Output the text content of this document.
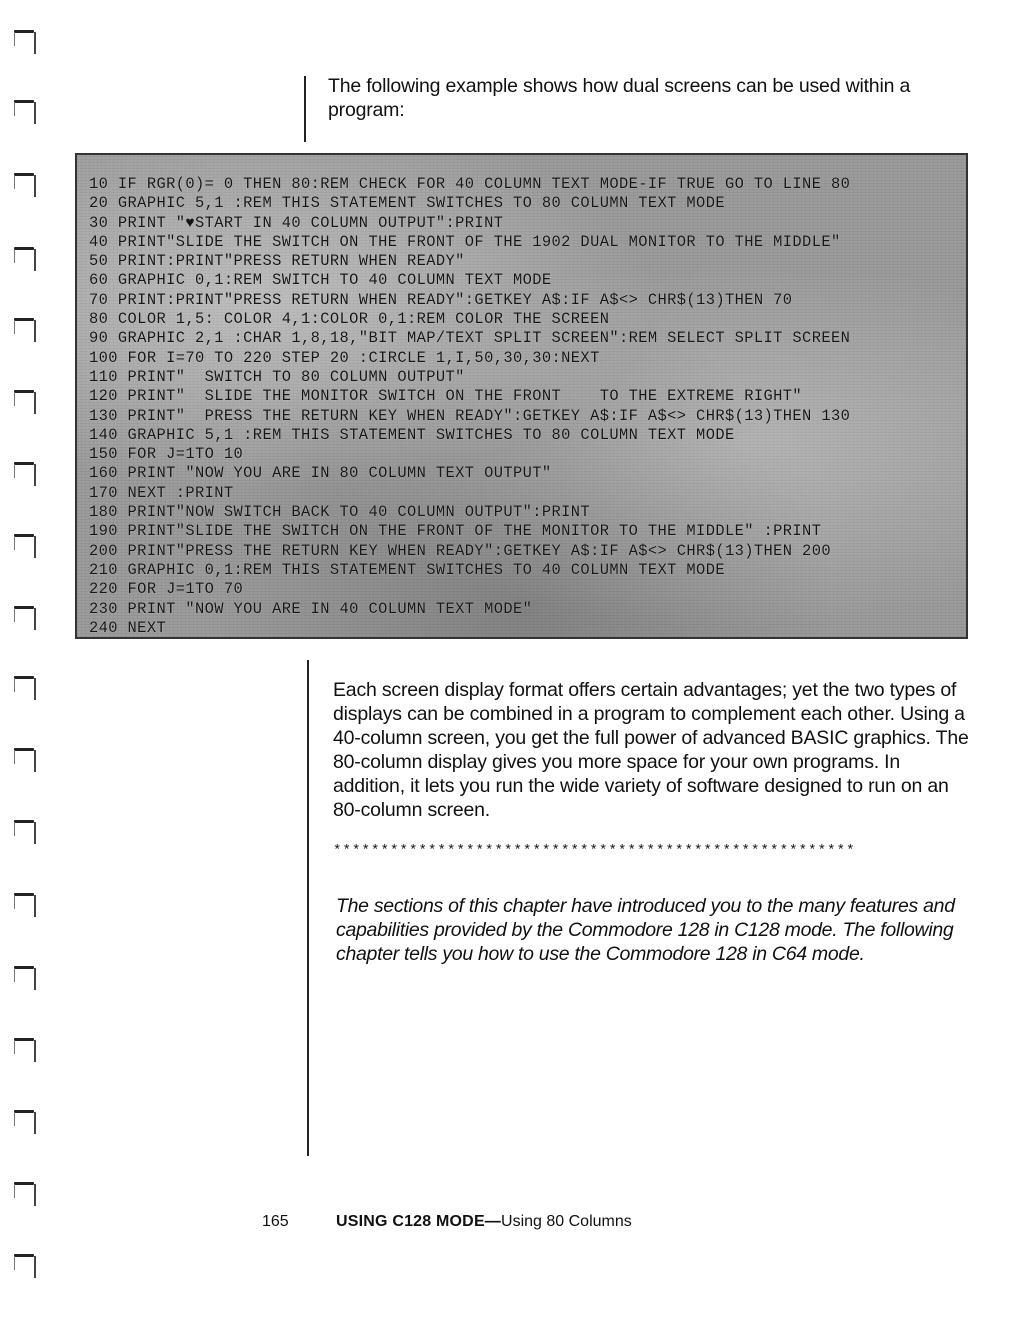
The following example shows how dual screens can be used within a program:

10 IF RGR(0)= 0 THEN 80:REM CHECK FOR 40 COLUMN TEXT MODE-IF TRUE GO TO LINE 80
20 GRAPHIC 5,1 :REM THIS STATEMENT SWITCHES TO 80 COLUMN TEXT MODE
30 PRINT "♥START IN 40 COLUMN OUTPUT":PRINT
40 PRINT"SLIDE THE SWITCH ON THE FRONT OF THE 1902 DUAL MONITOR TO THE MIDDLE"
50 PRINT:PRINT"PRESS RETURN WHEN READY"
60 GRAPHIC 0,1:REM SWITCH TO 40 COLUMN TEXT MODE
70 PRINT:PRINT"PRESS RETURN WHEN READY":GETKEY A$:IF A$<> CHR$(13)THEN 70
80 COLOR 1,5: COLOR 4,1:COLOR 0,1:REM COLOR THE SCREEN
90 GRAPHIC 2,1 :CHAR 1,8,18,"BIT MAP/TEXT SPLIT SCREEN":REM SELECT SPLIT SCREEN
100 FOR I=70 TO 220 STEP 20 :CIRCLE 1,I,50,30,30:NEXT
110 PRINT"  SWITCH TO 80 COLUMN OUTPUT"
120 PRINT"  SLIDE THE MONITOR SWITCH ON THE FRONT    TO THE EXTREME RIGHT"
130 PRINT"  PRESS THE RETURN KEY WHEN READY":GETKEY A$:IF A$<> CHR$(13)THEN 130
140 GRAPHIC 5,1 :REM THIS STATEMENT SWITCHES TO 80 COLUMN TEXT MODE
150 FOR J=1TO 10
160 PRINT "NOW YOU ARE IN 80 COLUMN TEXT OUTPUT"
170 NEXT :PRINT
180 PRINT"NOW SWITCH BACK TO 40 COLUMN OUTPUT":PRINT
190 PRINT"SLIDE THE SWITCH ON THE FRONT OF THE MONITOR TO THE MIDDLE" :PRINT
200 PRINT"PRESS THE RETURN KEY WHEN READY":GETKEY A$:IF A$<> CHR$(13)THEN 200
210 GRAPHIC 0,1:REM THIS STATEMENT SWITCHES TO 40 COLUMN TEXT MODE
220 FOR J=1TO 70
230 PRINT "NOW YOU ARE IN 40 COLUMN TEXT MODE"
240 NEXT

Each screen display format offers certain advantages; yet the two types of displays can be combined in a program to complement each other. Using a 40-column screen, you get the full power of advanced BASIC graphics. The 80-column display gives you more space for your own programs. In addition, it lets you run the wide variety of software designed to run on an 80-column screen.

*******************************************************

The sections of this chapter have introduced you to the many features and capabilities provided by the Commodore 128 in C128 mode. The following chapter tells you how to use the Commodore 128 in C64 mode.

165	USING C128 MODE—Using 80 Columns
